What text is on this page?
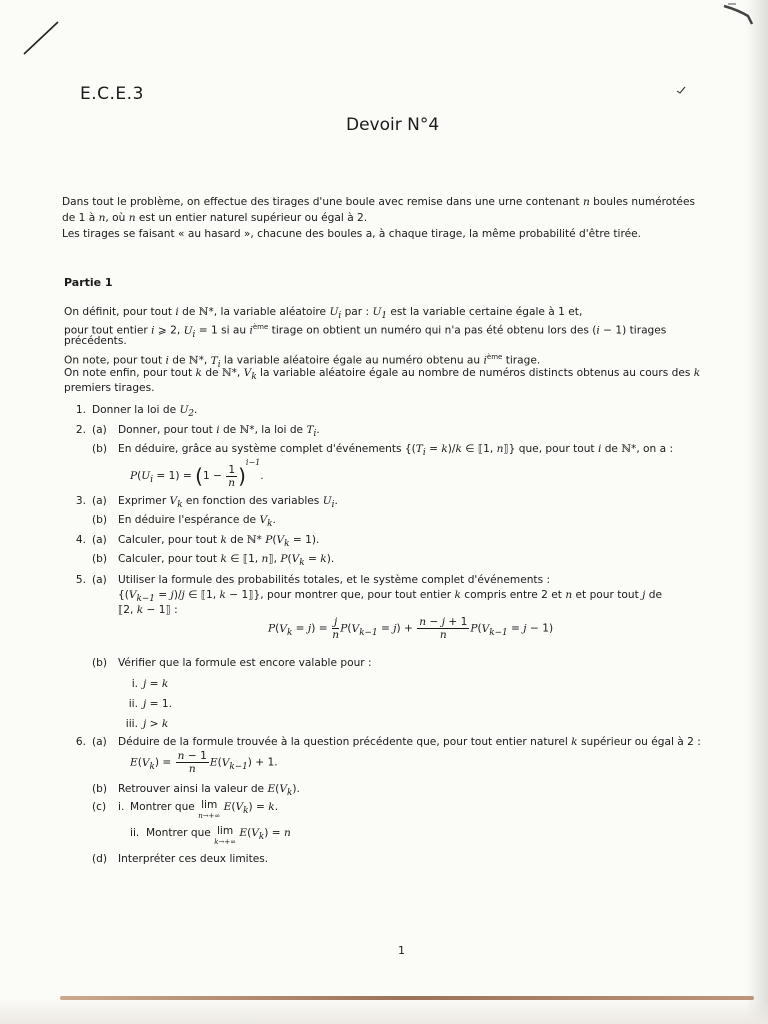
E.C.E.3
Devoir N°4
Dans tout le problème, on effectue des tirages d'une boule avec remise dans une urne contenant n boules numérotées
de 1 à n, où n est un entier naturel supérieur ou égal à 2.
Les tirages se faisant « au hasard », chacune des boules a, à chaque tirage, la même probabilité d'être tirée.
Partie 1
On définit, pour tout i de ℕ*, la variable aléatoire $U_i$ par : $U_1$ est la variable certaine égale à 1 et,
pour tout entier i ⩾ 2, $U_i = 1$ si au $i^{ème}$ tirage on obtient un numéro qui n'a pas été obtenu lors des (i − 1) tirages
précédents.
On note, pour tout i de ℕ*, $T_i$ la variable aléatoire égale au numéro obtenu au $i^{ème}$ tirage.
On note enfin, pour tout k de ℕ*, $V_k$ la variable aléatoire égale au nombre de numéros distincts obtenus au cours des k
premiers tirages.
1. Donner la loi de $U_2$.
2. (a) Donner, pour tout i de ℕ*, la loi de $T_i$.
(b) En déduire, grâce au système complet d'événements {$(T_i = k)/k$ ∈ ⟦1, n⟧} que, pour tout i de ℕ*, on a :
$P(U_i = 1) = (1 - \frac{1}{n} )^{i-1}$.
3. (a) Exprimer $V_k$ en fonction des variables $U_i$.
(b) En déduire l'espérance de $V_k$.
4. (a) Calculer, pour tout k de ℕ* $P(V_k = 1)$.
(b) Calculer, pour tout k ∈ ⟦1, n⟧, $P(V_k = k)$.
5. (a) Utiliser la formule des probabilités totales, et le système complet d'événements :
{$(V_{k-1} = j)/j$ ∈ ⟦1, k − 1⟧}, pour montrer que, pour tout entier k compris entre 2 et n et pour tout j de
⟦2, k − 1⟧ :
$P(V_k = j) = \frac{j}{n} P(V_{k-1} = j) + \frac{n - j + 1}{n} P(V_{k-1} = j - 1)$
(b) Vérifier que la formule est encore valable pour :
i. j = k
ii. j = 1.
iii. j > k
6. (a) Déduire de la formule trouvée à la question précédente que, pour tout entier naturel k supérieur ou égal à 2 :
$E(V_k) = \frac{n - 1}{n} E(V_{k-1}) + 1$.
(b) Retrouver ainsi la valeur de $E(V_k)$.
(c) i. Montrer que lim
n→+∞
$E(V_k) = k$.
ii. Montrer que lim
k→+∞
$E(V_k) = n$
(d) Interpréter ces deux limites.
1
